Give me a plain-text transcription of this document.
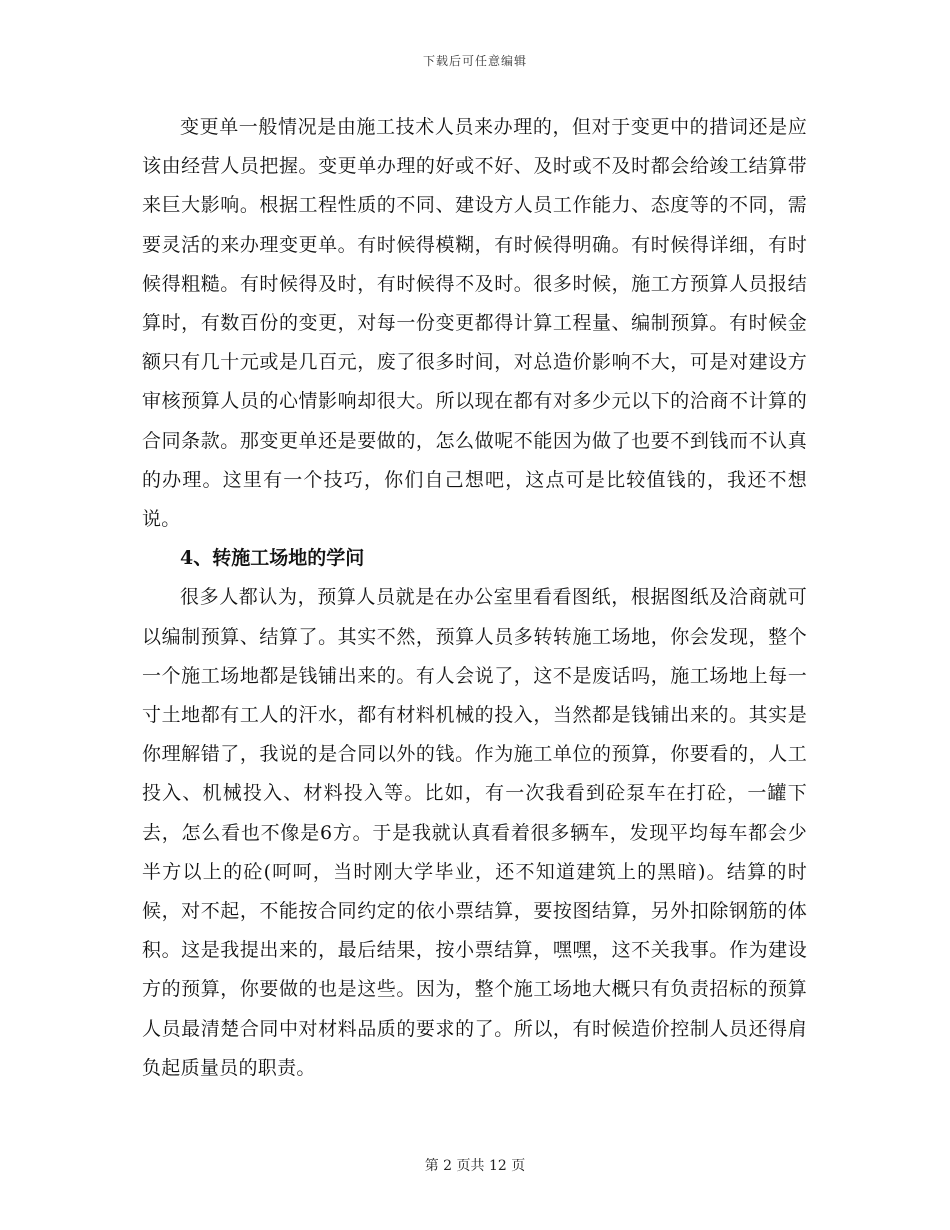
下载后可任意编辑

变更单一般情况是由施工技术人员来办理的，但对于变更中的措词还是应该由经营人员把握。变更单办理的好或不好、及时或不及时都会给竣工结算带来巨大影响。根据工程性质的不同、建设方人员工作能力、态度等的不同，需要灵活的来办理变更单。有时候得模糊，有时候得明确。有时候得详细，有时候得粗糙。有时候得及时，有时候得不及时。很多时候，施工方预算人员报结算时，有数百份的变更，对每一份变更都得计算工程量、编制预算。有时候金额只有几十元或是几百元，废了很多时间，对总造价影响不大，可是对建设方审核预算人员的心情影响却很大。所以现在都有对多少元以下的洽商不计算的合同条款。那变更单还是要做的，怎么做呢不能因为做了也要不到钱而不认真的办理。这里有一个技巧，你们自己想吧，这点可是比较值钱的，我还不想说。

4、转施工场地的学问

很多人都认为，预算人员就是在办公室里看看图纸，根据图纸及洽商就可以编制预算、结算了。其实不然，预算人员多转转施工场地，你会发现，整个一个施工场地都是钱铺出来的。有人会说了，这不是废话吗，施工场地上每一寸土地都有工人的汗水，都有材料机械的投入，当然都是钱铺出来的。其实是你理解错了，我说的是合同以外的钱。作为施工单位的预算，你要看的，人工投入、机械投入、材料投入等。比如，有一次我看到砼泵车在打砼，一罐下去，怎么看也不像是6方。于是我就认真看着很多辆车，发现平均每车都会少半方以上的砼(呵呵，当时刚大学毕业，还不知道建筑上的黑暗)。结算的时候，对不起，不能按合同约定的依小票结算，要按图结算，另外扣除钢筋的体积。这是我提出来的，最后结果，按小票结算，嘿嘿，这不关我事。作为建设方的预算，你要做的也是这些。因为，整个施工场地大概只有负责招标的预算人员最清楚合同中对材料品质的要求的了。所以，有时候造价控制人员还得肩负起质量员的职责。

第 2 页共 12 页
